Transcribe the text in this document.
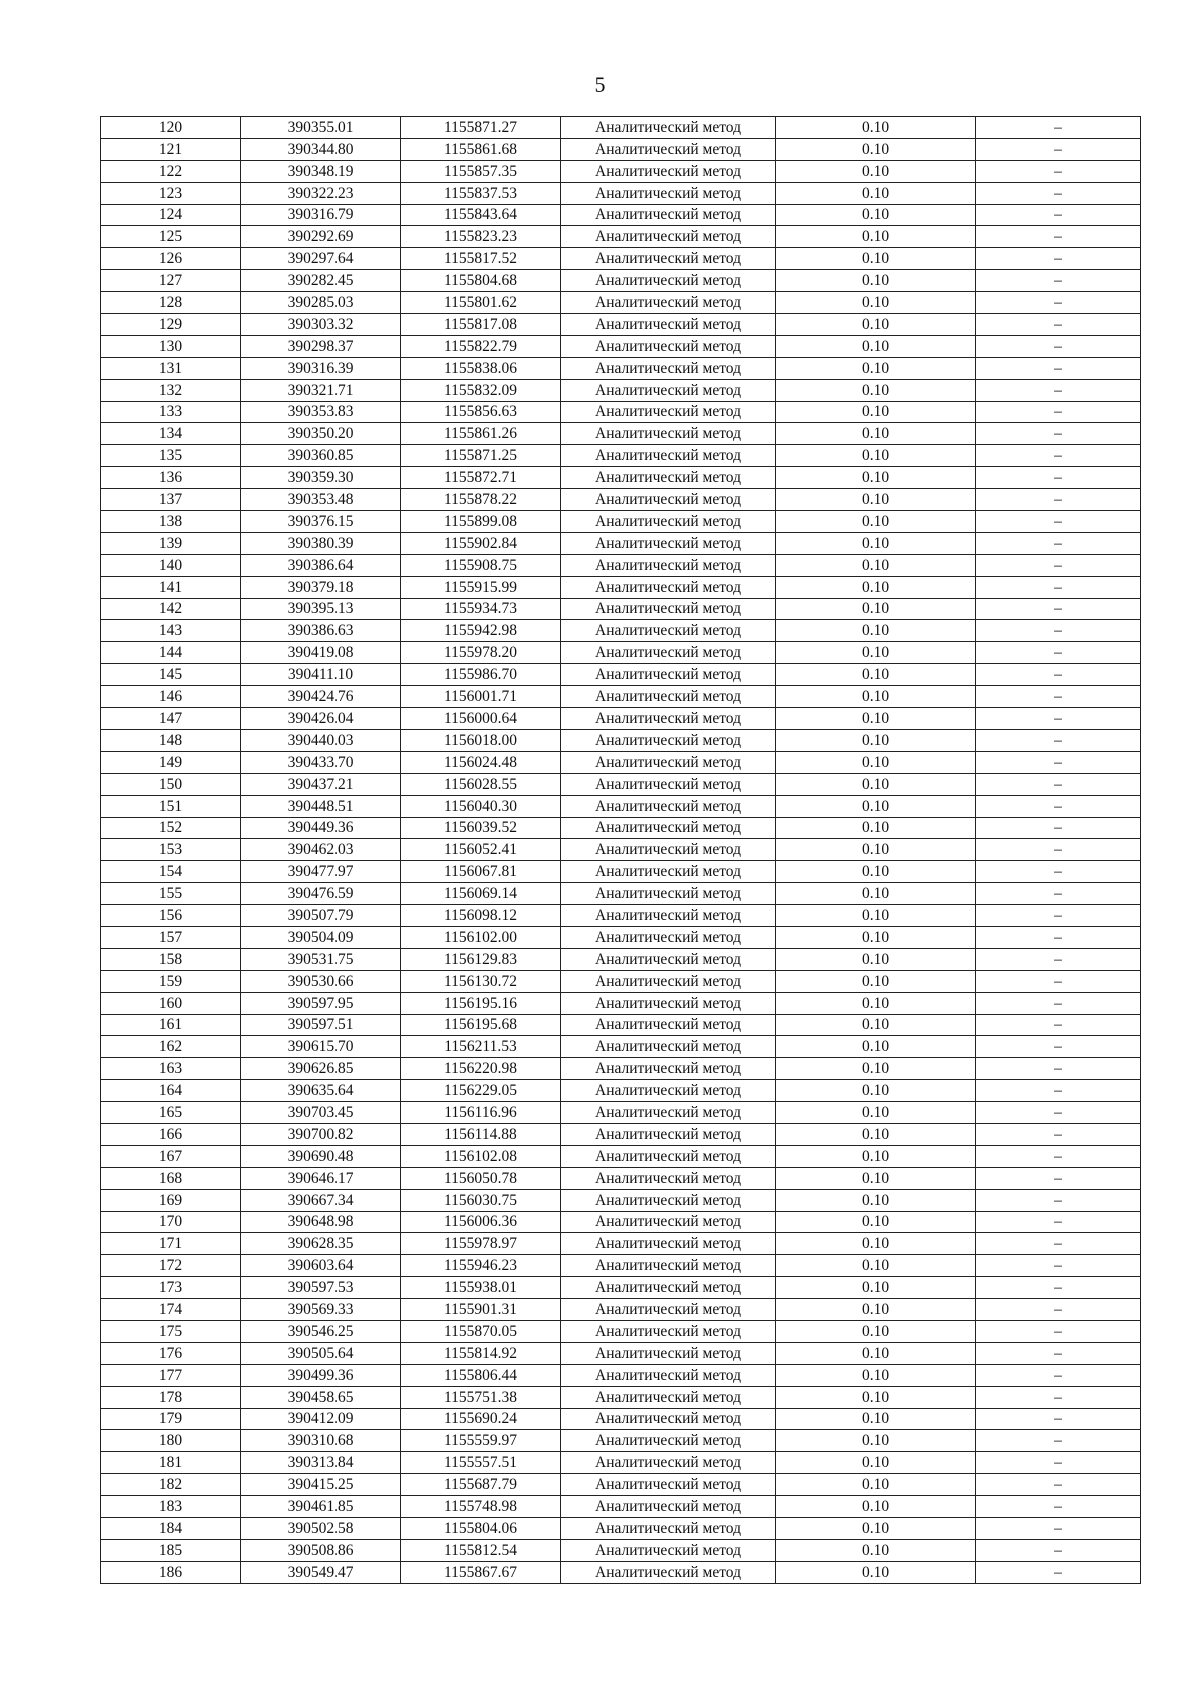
5
120	390355.01	1155871.27	Аналитический метод	0.10	–
121	390344.80	1155861.68	Аналитический метод	0.10	–
122	390348.19	1155857.35	Аналитический метод	0.10	–
123	390322.23	1155837.53	Аналитический метод	0.10	–
124	390316.79	1155843.64	Аналитический метод	0.10	–
125	390292.69	1155823.23	Аналитический метод	0.10	–
126	390297.64	1155817.52	Аналитический метод	0.10	–
127	390282.45	1155804.68	Аналитический метод	0.10	–
128	390285.03	1155801.62	Аналитический метод	0.10	–
129	390303.32	1155817.08	Аналитический метод	0.10	–
130	390298.37	1155822.79	Аналитический метод	0.10	–
131	390316.39	1155838.06	Аналитический метод	0.10	–
132	390321.71	1155832.09	Аналитический метод	0.10	–
133	390353.83	1155856.63	Аналитический метод	0.10	–
134	390350.20	1155861.26	Аналитический метод	0.10	–
135	390360.85	1155871.25	Аналитический метод	0.10	–
136	390359.30	1155872.71	Аналитический метод	0.10	–
137	390353.48	1155878.22	Аналитический метод	0.10	–
138	390376.15	1155899.08	Аналитический метод	0.10	–
139	390380.39	1155902.84	Аналитический метод	0.10	–
140	390386.64	1155908.75	Аналитический метод	0.10	–
141	390379.18	1155915.99	Аналитический метод	0.10	–
142	390395.13	1155934.73	Аналитический метод	0.10	–
143	390386.63	1155942.98	Аналитический метод	0.10	–
144	390419.08	1155978.20	Аналитический метод	0.10	–
145	390411.10	1155986.70	Аналитический метод	0.10	–
146	390424.76	1156001.71	Аналитический метод	0.10	–
147	390426.04	1156000.64	Аналитический метод	0.10	–
148	390440.03	1156018.00	Аналитический метод	0.10	–
149	390433.70	1156024.48	Аналитический метод	0.10	–
150	390437.21	1156028.55	Аналитический метод	0.10	–
151	390448.51	1156040.30	Аналитический метод	0.10	–
152	390449.36	1156039.52	Аналитический метод	0.10	–
153	390462.03	1156052.41	Аналитический метод	0.10	–
154	390477.97	1156067.81	Аналитический метод	0.10	–
155	390476.59	1156069.14	Аналитический метод	0.10	–
156	390507.79	1156098.12	Аналитический метод	0.10	–
157	390504.09	1156102.00	Аналитический метод	0.10	–
158	390531.75	1156129.83	Аналитический метод	0.10	–
159	390530.66	1156130.72	Аналитический метод	0.10	–
160	390597.95	1156195.16	Аналитический метод	0.10	–
161	390597.51	1156195.68	Аналитический метод	0.10	–
162	390615.70	1156211.53	Аналитический метод	0.10	–
163	390626.85	1156220.98	Аналитический метод	0.10	–
164	390635.64	1156229.05	Аналитический метод	0.10	–
165	390703.45	1156116.96	Аналитический метод	0.10	–
166	390700.82	1156114.88	Аналитический метод	0.10	–
167	390690.48	1156102.08	Аналитический метод	0.10	–
168	390646.17	1156050.78	Аналитический метод	0.10	–
169	390667.34	1156030.75	Аналитический метод	0.10	–
170	390648.98	1156006.36	Аналитический метод	0.10	–
171	390628.35	1155978.97	Аналитический метод	0.10	–
172	390603.64	1155946.23	Аналитический метод	0.10	–
173	390597.53	1155938.01	Аналитический метод	0.10	–
174	390569.33	1155901.31	Аналитический метод	0.10	–
175	390546.25	1155870.05	Аналитический метод	0.10	–
176	390505.64	1155814.92	Аналитический метод	0.10	–
177	390499.36	1155806.44	Аналитический метод	0.10	–
178	390458.65	1155751.38	Аналитический метод	0.10	–
179	390412.09	1155690.24	Аналитический метод	0.10	–
180	390310.68	1155559.97	Аналитический метод	0.10	–
181	390313.84	1155557.51	Аналитический метод	0.10	–
182	390415.25	1155687.79	Аналитический метод	0.10	–
183	390461.85	1155748.98	Аналитический метод	0.10	–
184	390502.58	1155804.06	Аналитический метод	0.10	–
185	390508.86	1155812.54	Аналитический метод	0.10	–
186	390549.47	1155867.67	Аналитический метод	0.10	–
